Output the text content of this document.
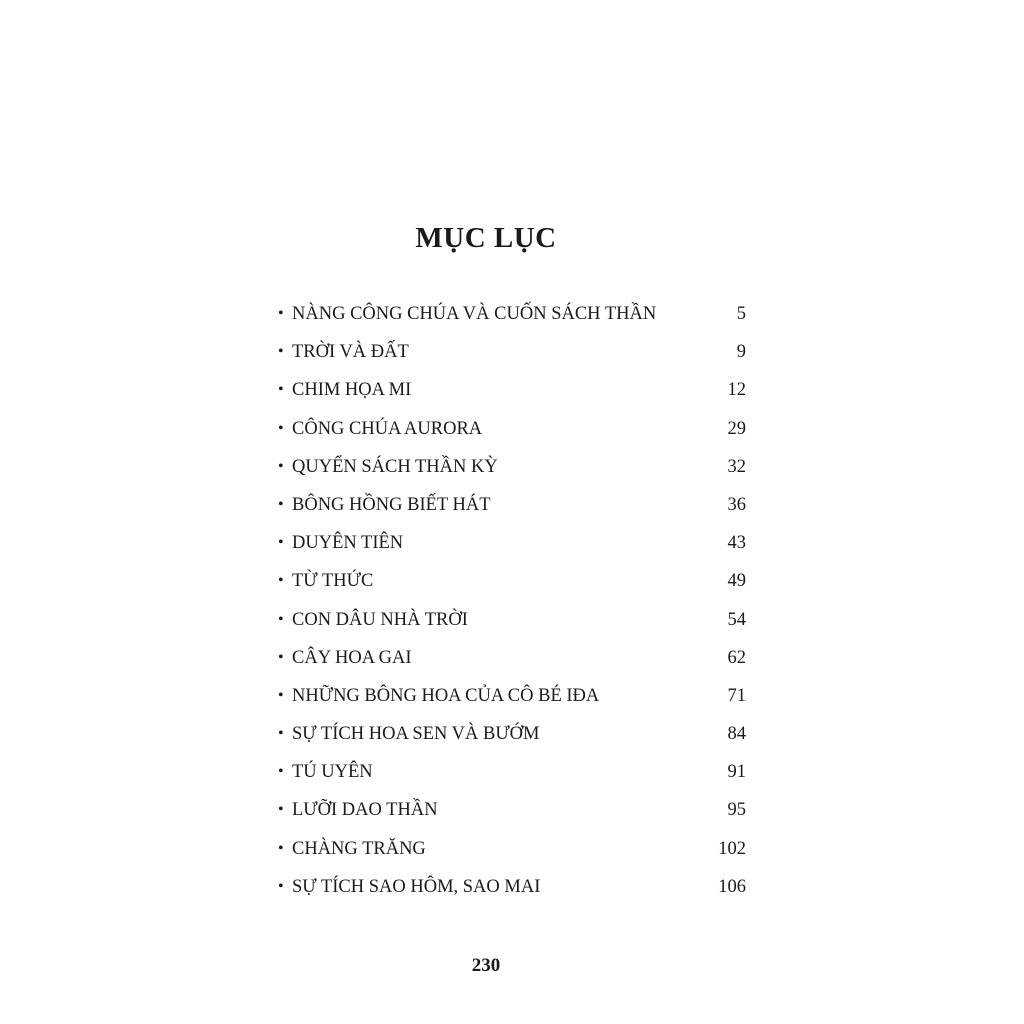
MỤC LỤC
• NÀNG CÔNG CHÚA VÀ CUỐN SÁCH THẦN	5
• TRỜI VÀ ĐẤT	9
• CHIM HỌA MI	12
• CÔNG CHÚA AURORA	29
• QUYỂN SÁCH THẦN KỲ	32
• BÔNG HỒNG BIẾT HÁT	36
• DUYÊN TIÊN	43
• TỪ THỨC	49
• CON DÂU NHÀ TRỜI	54
• CÂY HOA GAI	62
• NHỮNG BÔNG HOA CỦA CÔ BÉ IĐA	71
• SỰ TÍCH HOA SEN VÀ BƯỚM	84
• TÚ UYÊN	91
• LƯỠI DAO THẦN	95
• CHÀNG TRĂNG	102
• SỰ TÍCH SAO HÔM, SAO MAI	106
230
